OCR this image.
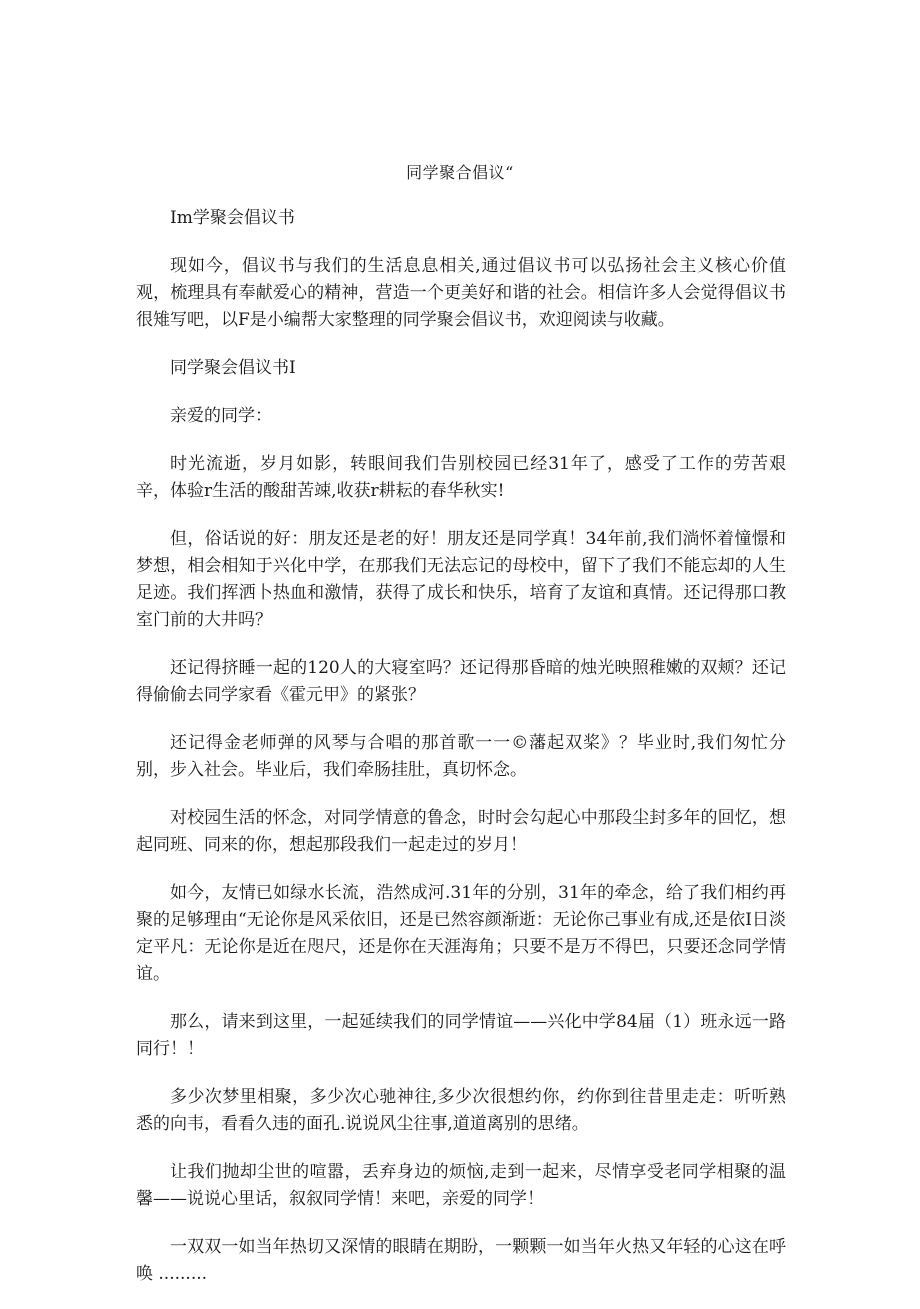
同学聚合倡议“

Im学聚会倡议书

现如今，倡议书与我们的生活息息相关,通过倡议书可以弘扬社会主义核心价值观，梳理具有奉献爱心的精神，营造一个更美好和谐的社会。相信许多人会觉得倡议书很雉写吧，以F是小编帮大家整理的同学聚会倡议书，欢迎阅读与收藏。

同学聚会倡议书I

亲爱的同学：

时光流逝，岁月如影，转眼间我们告别校园已经31年了，感受了工作的劳苦艰辛，体验r生活的酸甜苦竦,收获r耕耘的春华秋实!

但，俗话说的好：朋友还是老的好！朋友还是同学真！34年前,我们淌怀着憧憬和梦想，相会相知于兴化中学，在那我们无法忘记的母校中，留下了我们不能忘却的人生足迹。我们挥洒卜热血和激情，获得了成长和快乐，培育了友谊和真情。还记得那口教室门前的大井吗？

还记得挤睡一起的120人的大寝室吗？还记得那昏暗的烛光映照稚嫩的双颊？还记得偷偷去同学家看《霍元甲》的紧张？

还记得金老师弹的风琴与合唱的那首歌一一©藩起双桨》？毕业时,我们匆忙分别，步入社会。毕业后，我们牵肠挂肚，真切怀念。

对校园生活的怀念，对同学情意的鲁念，时时会勾起心中那段尘封多年的回忆，想起同班、同来的你，想起那段我们一起走过的岁月！

如今，友情已如绿水长流，浩然成河.31年的分别，31年的牵念，给了我们相约再聚的足够理由“无论你是风采依旧，还是已然容颜渐逝：无论你己事业有成,还是依I日淡定平凡：无论你是近在咫尺，还是你在天涯海角；只要不是万不得巴，只要还念同学情谊。

那么，请来到这里，一起延续我们的同学情谊——兴化中学84届（1）班永远一路同行！！

多少次梦里相聚，多少次心驰神往,多少次很想约你，约你到往昔里走走：听听熟悉的向韦，看看久违的面孔.说说风尘往事,道道离别的思绪。

让我们抛却尘世的喧嚣，丢弃身边的烦恼,走到一起来，尽情享受老同学相聚的温馨——说说心里话，叙叙同学情！来吧，亲爱的同学！

一双双一如当年热切又深情的眼睛在期盼，一颗颗一如当年火热又年轻的心这在呼唤 .........
